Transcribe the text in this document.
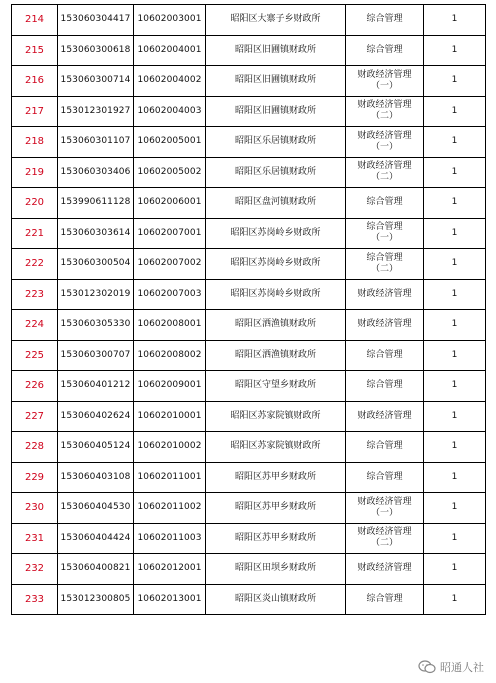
214	153060304417	10602003001	昭阳区大寨子乡财政所	综合管理	1
215	153060300618	10602004001	昭阳区旧圃镇财政所	综合管理	1
216	153060300714	10602004002	昭阳区旧圃镇财政所	财政经济管理
（一）	1
217	153012301927	10602004003	昭阳区旧圃镇财政所	财政经济管理
（二）	1
218	153060301107	10602005001	昭阳区乐居镇财政所	财政经济管理
（一）	1
219	153060303406	10602005002	昭阳区乐居镇财政所	财政经济管理
（二）	1
220	153990611128	10602006001	昭阳区盘河镇财政所	综合管理	1
221	153060303614	10602007001	昭阳区苏岗岭乡财政所	综合管理
（一）	1
222	153060300504	10602007002	昭阳区苏岗岭乡财政所	综合管理
（二）	1
223	153012302019	10602007003	昭阳区苏岗岭乡财政所	财政经济管理	1
224	153060305330	10602008001	昭阳区洒渔镇财政所	财政经济管理	1
225	153060300707	10602008002	昭阳区洒渔镇财政所	综合管理	1
226	153060401212	10602009001	昭阳区守望乡财政所	综合管理	1
227	153060402624	10602010001	昭阳区苏家院镇财政所	财政经济管理	1
228	153060405124	10602010002	昭阳区苏家院镇财政所	综合管理	1
229	153060403108	10602011001	昭阳区苏甲乡财政所	综合管理	1
230	153060404530	10602011002	昭阳区苏甲乡财政所	财政经济管理
（一）	1
231	153060404424	10602011003	昭阳区苏甲乡财政所	财政经济管理
（二）	1
232	153060400821	10602012001	昭阳区田坝乡财政所	财政经济管理	1
233	153012300805	10602013001	昭阳区炎山镇财政所	综合管理	1
昭通人社
